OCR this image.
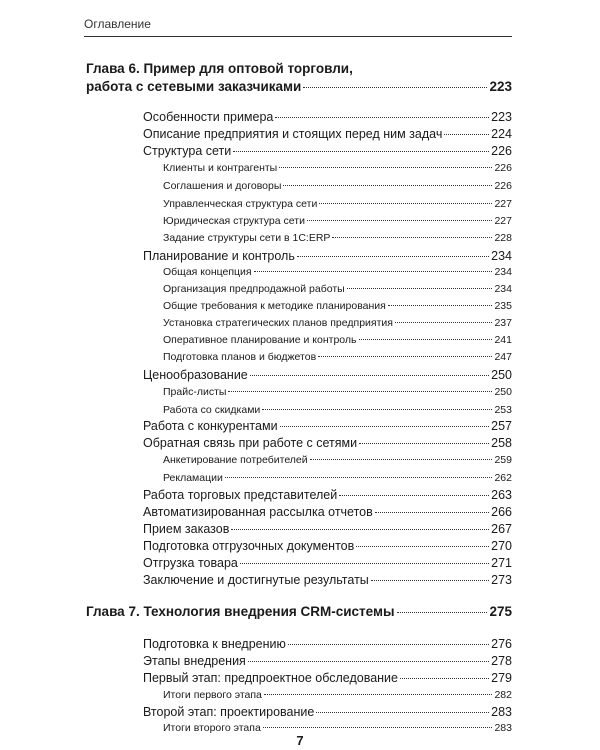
Оглавление
Глава 6. Пример для оптовой торговли,
работа с сетевыми заказчиками	223
Особенности примера	223
Описание предприятия и стоящих перед ним задач	224
Структура сети	226
Клиенты и контрагенты	226
Соглашения и договоры	226
Управленческая структура сети	227
Юридическая структура сети	227
Задание структуры сети в 1С:ERP	228
Планирование и контроль	234
Общая концепция	234
Организация предпродажной работы	234
Общие требования к методике планирования	235
Установка стратегических планов предприятия	237
Оперативное планирование и контроль	241
Подготовка планов и бюджетов	247
Ценообразование	250
Прайс-листы	250
Работа со скидками	253
Работа с конкурентами	257
Обратная связь при работе с сетями	258
Анкетирование потребителей	259
Рекламации	262
Работа торговых представителей	263
Автоматизированная рассылка отчетов	266
Прием заказов	267
Подготовка отгрузочных документов	270
Отгрузка товара	271
Заключение и достигнутые результаты	273
Глава 7. Технология внедрения CRM-системы	275
Подготовка к внедрению	276
Этапы внедрения	278
Первый этап: предпроектное обследование	279
Итоги первого этапа	282
Второй этап: проектирование	283
Итоги второго этапа	283
7
